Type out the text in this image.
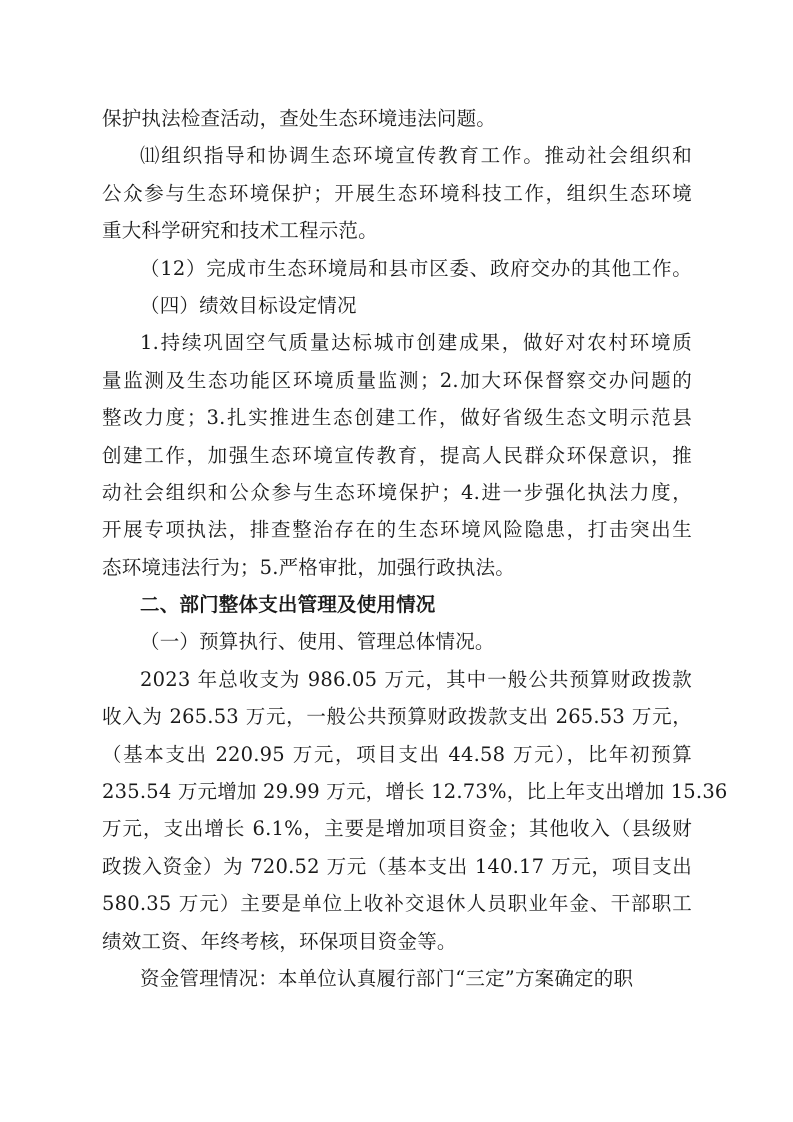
保护执法检查活动，查处生态环境违法问题。
⑾组织指导和协调生态环境宣传教育工作。推动社会组织和
公众参与生态环境保护；开展生态环境科技工作，组织生态环境
重大科学研究和技术工程示范。
（12）完成市生态环境局和县市区委、政府交办的其他工作。
（四）绩效目标设定情况
1.持续巩固空气质量达标城市创建成果，做好对农村环境质
量监测及生态功能区环境质量监测；2.加大环保督察交办问题的
整改力度；3.扎实推进生态创建工作，做好省级生态文明示范县
创建工作，加强生态环境宣传教育，提高人民群众环保意识，推
动社会组织和公众参与生态环境保护；4.进一步强化执法力度，
开展专项执法，排查整治存在的生态环境风险隐患，打击突出生
态环境违法行为；5.严格审批，加强行政执法。
二、部门整体支出管理及使用情况
（一）预算执行、使用、管理总体情况。
2023 年总收支为 986.05 万元，其中一般公共预算财政拨款
收入为 265.53 万元，一般公共预算财政拨款支出 265.53 万元，
（基本支出 220.95 万元，项目支出 44.58 万元），比年初预算
235.54 万元增加 29.99 万元，增长 12.73%，比上年支出增加 15.36
万元，支出增长 6.1%，主要是增加项目资金；其他收入（县级财
政拨入资金）为 720.52 万元（基本支出 140.17 万元，项目支出
580.35 万元）主要是单位上收补交退休人员职业年金、干部职工
绩效工资、年终考核，环保项目资金等。
资金管理情况：本单位认真履行部门“三定”方案确定的职
